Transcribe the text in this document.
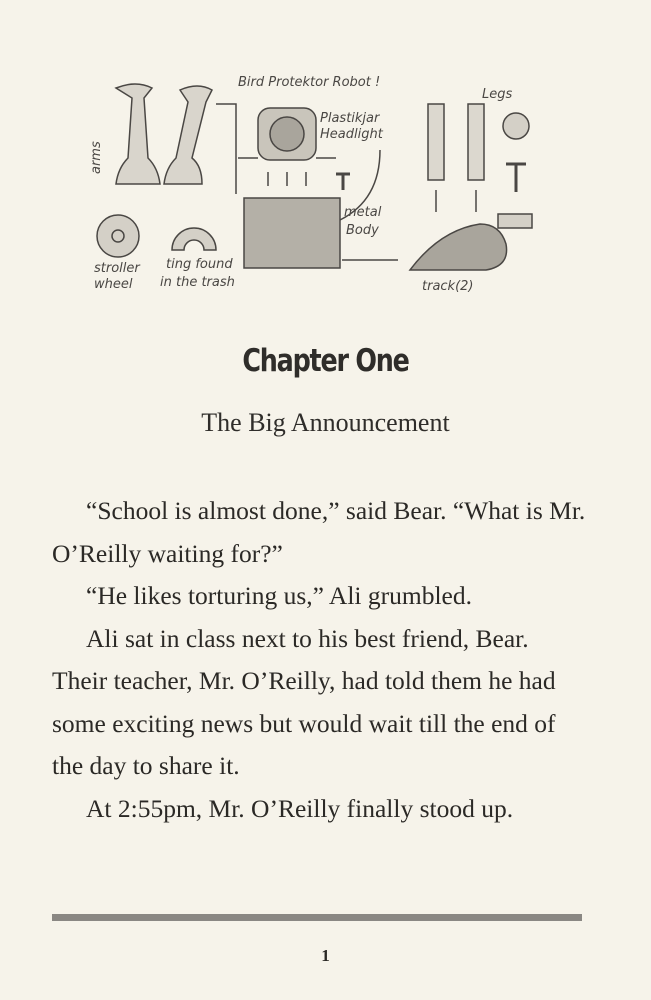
Bird Protektor Robot !
Legs
arms
Plastikjar
Headlight
metal
Body
stroller
wheel
ting found
in the trash	track(2)
Chapter One
The Big Announcement

“School is almost done,” said Bear. “What is Mr. O’Reilly waiting for?”

“He likes torturing us,” Ali grumbled.

Ali sat in class next to his best friend, Bear. Their teacher, Mr. O’Reilly, had told them he had some exciting news but would wait till the end of the day to share it.

At 2:55pm, Mr. O’Reilly finally stood up.

1
